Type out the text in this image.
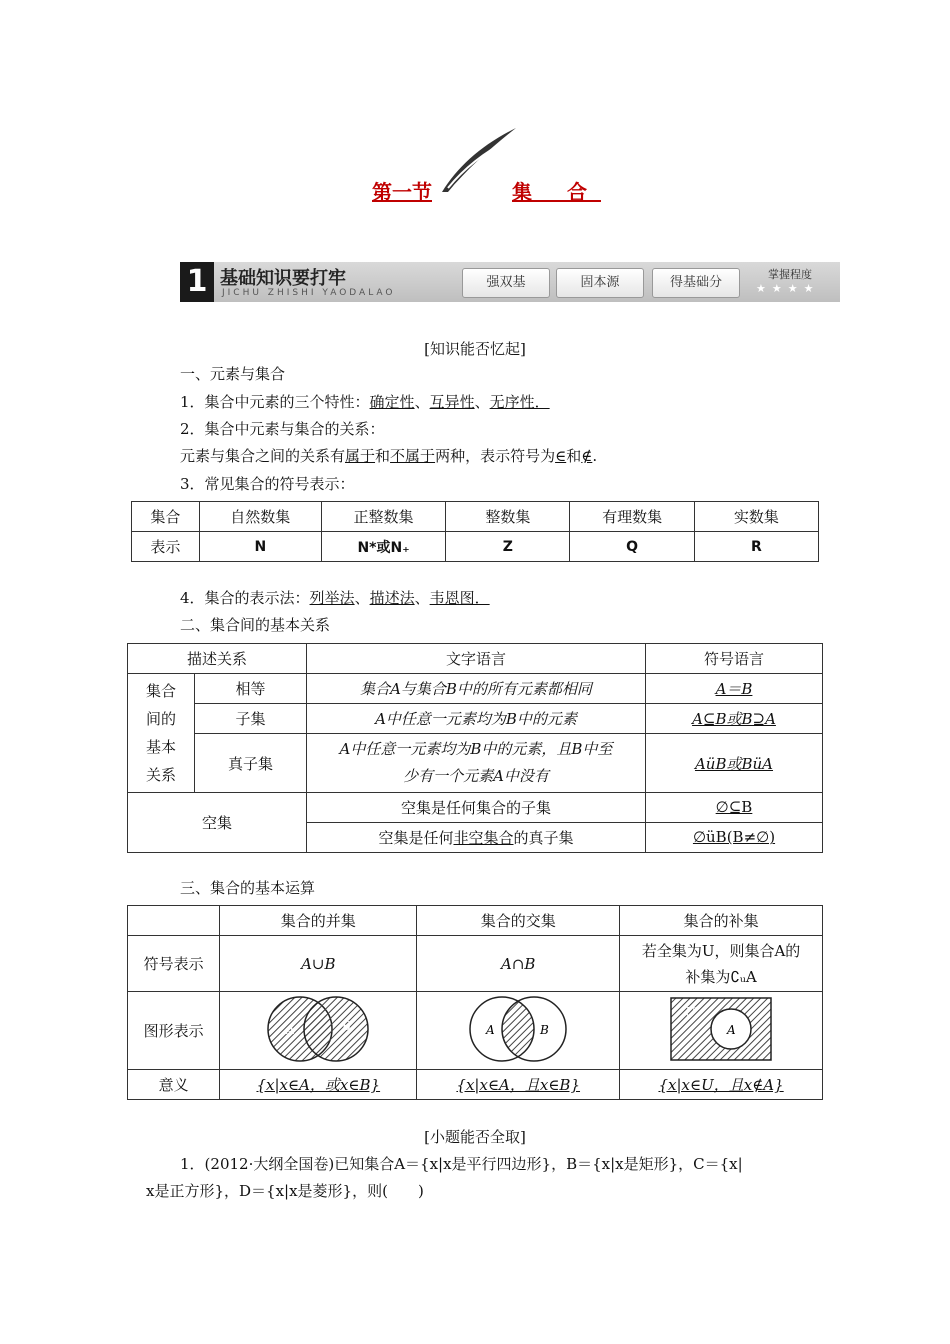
第一节	集 合
1 基础知识要打牢
JICHU ZHISHI YAODALAO
强双基	固本源	得基础分
掌握程度
★★★★
[知识能否忆起]
一、元素与集合
1．集合中元素的三个特性：确定性、互异性、无序性．
2．集合中元素与集合的关系：
元素与集合之间的关系有属于和不属于两种，表示符号为∈和∉.
3．常见集合的符号表示：
集合	自然数集	正整数集	整数集	有理数集	实数集
表示	N	N*或N₊	Z	Q	R
4．集合的表示法：列举法、描述法、韦恩图．
二、集合间的基本关系
描述关系		文字语言	符号语言

集合
间的
基本
关系	相等	集合A与集合B中的所有元素都相同	A＝B
	子集	A中任意一元素均为B中的元素	A⊆B或B⊇A
	真子集	A中任意一元素均为B中的元素，且B中至
少有一个元素A中没有	AüB或BüA
空集		空集是任何集合的子集	∅⊆B
		空集是任何非空集合的真子集	∅üB(B≠∅)
三、集合的基本运算
	集合的并集	集合的交集	集合的补集
符号表示	A∪B	A∩B	若全集为U，则集合A的
补集为∁ᵤA

图形表示	A B	A B	U
A

意义	{x|x∈A，或x∈B}	{x|x∈A，且x∈B}	{x|x∈U，且x∉A}
[小题能否全取]
1．(2012·大纲全国卷)已知集合A＝{x|x是平行四边形}，B＝{x|x是矩形}，C＝{x|
x是正方形}，D＝{x|x是菱形}，则(　　)
